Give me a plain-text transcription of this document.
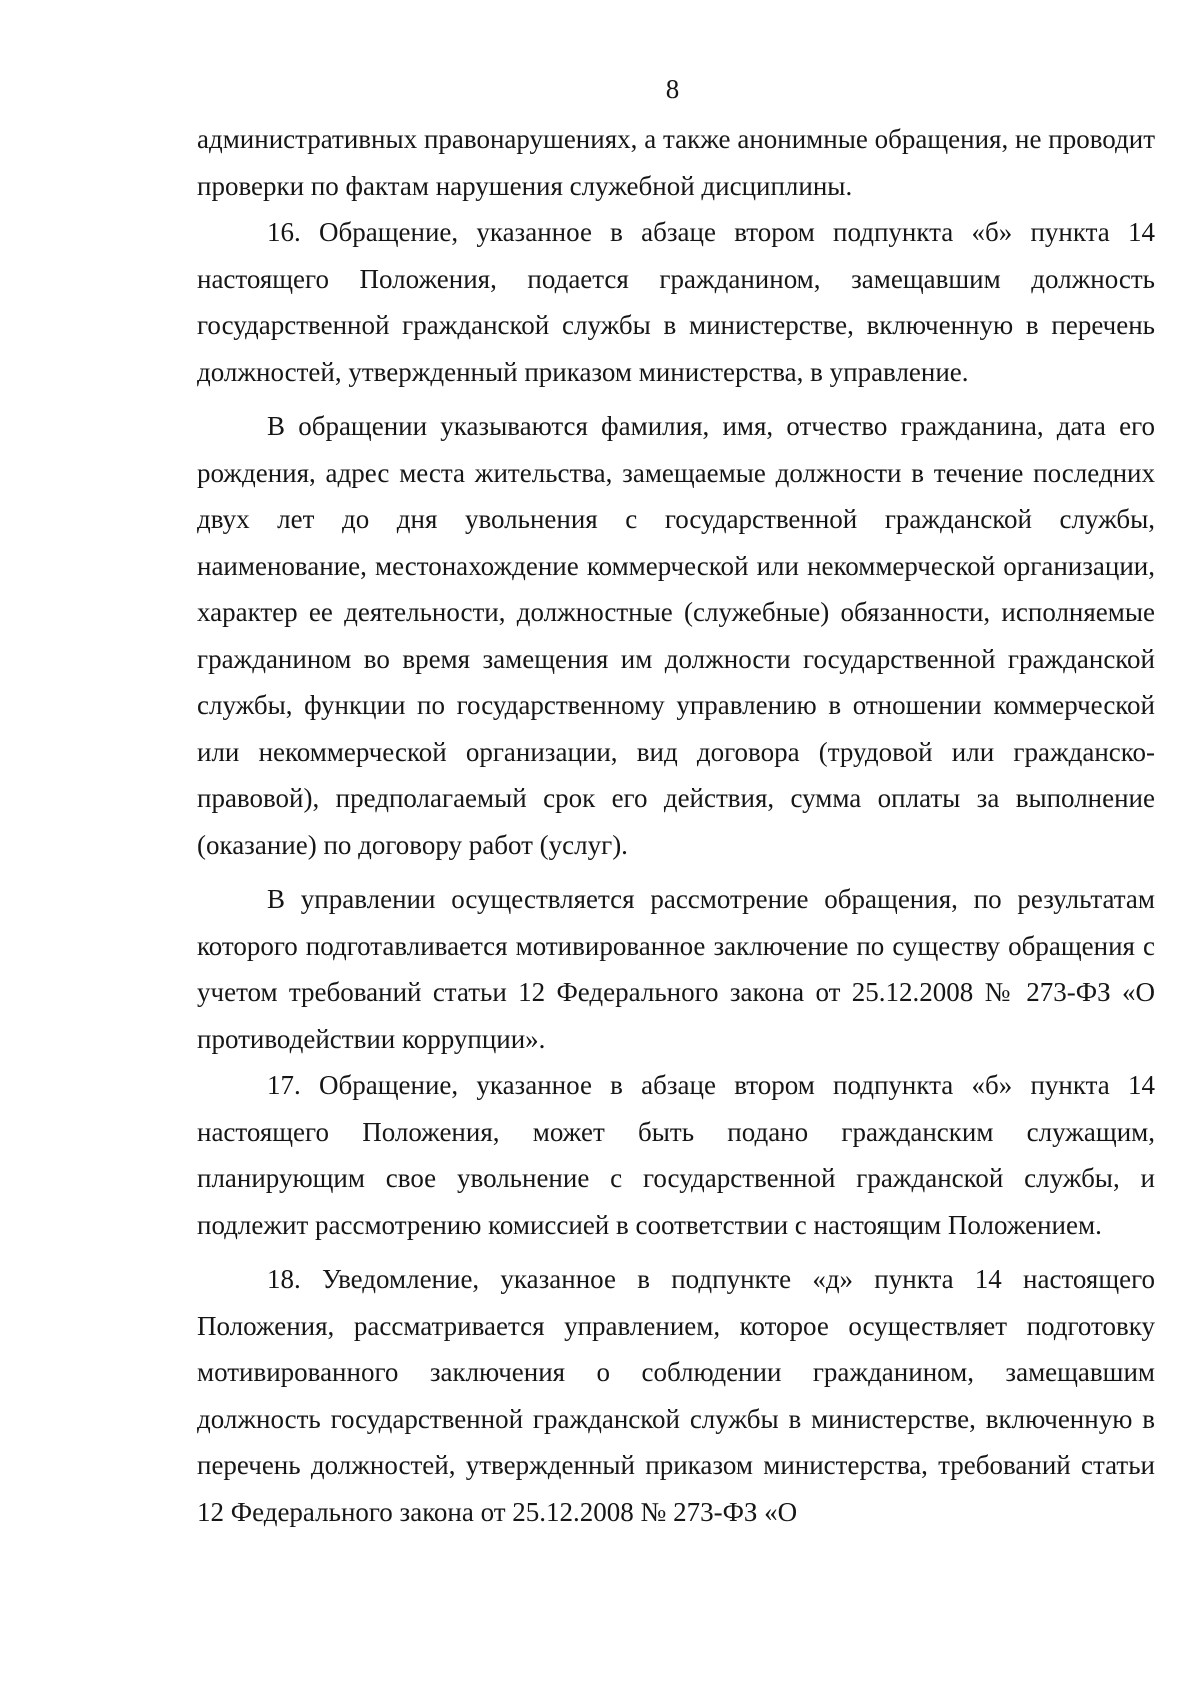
8

административных правонарушениях, а также анонимные обращения, не проводит проверки по фактам нарушения служебной дисциплины.

16. Обращение, указанное в абзаце втором подпункта «б» пункта 14 настоящего Положения, подается гражданином, замещавшим должность государственной гражданской службы в министерстве, включенную в перечень должностей, утвержденный приказом министерства, в управление.

В обращении указываются фамилия, имя, отчество гражданина, дата его рождения, адрес места жительства, замещаемые должности в течение последних двух лет до дня увольнения с государственной гражданской службы, наименование, местонахождение коммерческой или некоммерческой организации, характер ее деятельности, должностные (служебные) обязанности, исполняемые гражданином во время замещения им должности государственной гражданской службы, функции по государственному управлению в отношении коммерческой или некоммерческой организации, вид договора (трудовой или гражданско-правовой), предполагаемый срок его действия, сумма оплаты за выполнение (оказание) по договору работ (услуг).

В управлении осуществляется рассмотрение обращения, по результатам которого подготавливается мотивированное заключение по существу обращения с учетом требований статьи 12 Федерального закона от 25.12.2008 № 273-ФЗ «О противодействии коррупции».

17. Обращение, указанное в абзаце втором подпункта «б» пункта 14 настоящего Положения, может быть подано гражданским служащим, планирующим свое увольнение с государственной гражданской службы, и подлежит рассмотрению комиссией в соответствии с настоящим Положением.

18. Уведомление, указанное в подпункте «д» пункта 14 настоящего Положения, рассматривается управлением, которое осуществляет подготовку мотивированного заключения о соблюдении гражданином, замещавшим должность государственной гражданской службы в министерстве, включенную в перечень должностей, утвержденный приказом министерства, требований статьи 12 Федерального закона от 25.12.2008 № 273-ФЗ «О
